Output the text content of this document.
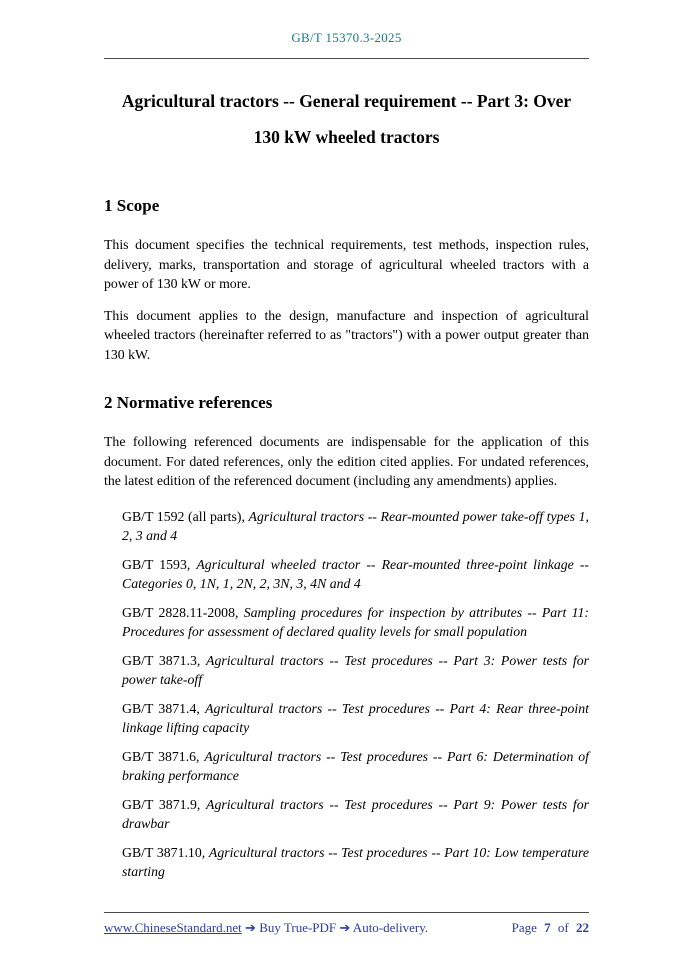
GB/T 15370.3-2025
Agricultural tractors -- General requirement -- Part 3: Over
130 kW wheeled tractors
1 Scope

This document specifies the technical requirements, test methods, inspection rules, delivery, marks, transportation and storage of agricultural wheeled tractors with a power of 130 kW or more.

This document applies to the design, manufacture and inspection of agricultural wheeled tractors (hereinafter referred to as "tractors") with a power output greater than 130 kW.

2 Normative references

The following referenced documents are indispensable for the application of this document. For dated references, only the edition cited applies. For undated references, the latest edition of the referenced document (including any amendments) applies.

GB/T 1592 (all parts), Agricultural tractors -- Rear-mounted power take-off types 1, 2, 3 and 4

GB/T 1593, Agricultural wheeled tractor -- Rear-mounted three-point linkage -- Categories 0, 1N, 1, 2N, 2, 3N, 3, 4N and 4

GB/T 2828.11-2008, Sampling procedures for inspection by attributes -- Part 11: Procedures for assessment of declared quality levels for small population

GB/T 3871.3, Agricultural tractors -- Test procedures -- Part 3: Power tests for power take-off

GB/T 3871.4, Agricultural tractors -- Test procedures -- Part 4: Rear three-point linkage lifting capacity

GB/T 3871.6, Agricultural tractors -- Test procedures -- Part 6: Determination of braking performance

GB/T 3871.9, Agricultural tractors -- Test procedures -- Part 9: Power tests for drawbar

GB/T 3871.10, Agricultural tractors -- Test procedures -- Part 10: Low temperature starting

www.ChineseStandard.net ➔ Buy True-PDF ➔ Auto-delivery.	Page 7 of 22
